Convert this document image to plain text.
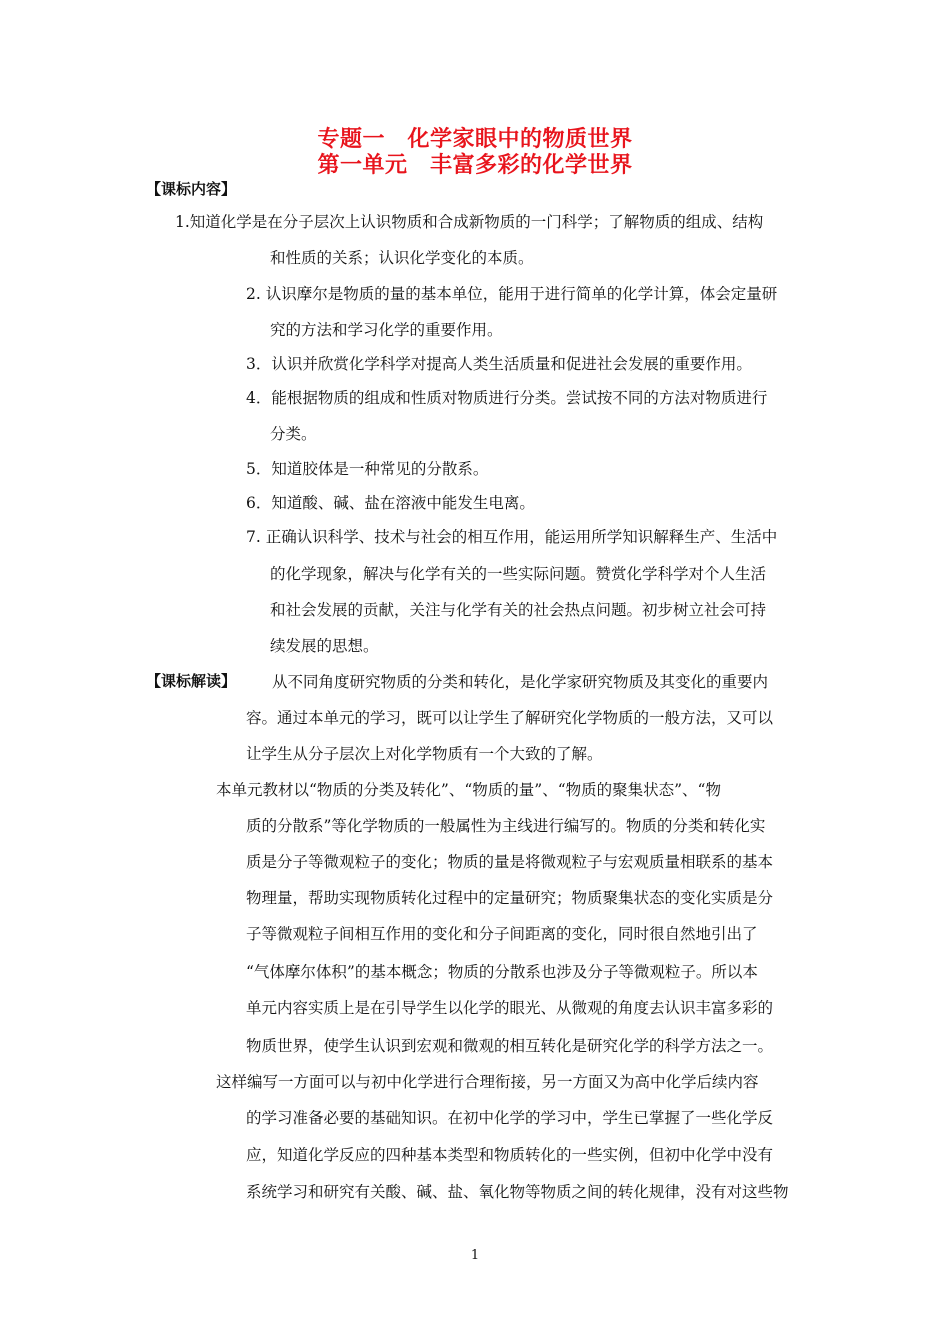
专题一　化学家眼中的物质世界
第一单元　丰富多彩的化学世界
【课标内容】
1.知道化学是在分子层次上认识物质和合成新物质的一门科学；了解物质的组成、结构
和性质的关系；认识化学变化的本质。
2. 认识摩尔是物质的量的基本单位，能用于进行简单的化学计算，体会定量研
究的方法和学习化学的重要作用。
3．认识并欣赏化学科学对提高人类生活质量和促进社会发展的重要作用。
4．能根据物质的组成和性质对物质进行分类。尝试按不同的方法对物质进行
分类。
5．知道胶体是一种常见的分散系。
6．知道酸、碱、盐在溶液中能发生电离。
7. 正确认识科学、技术与社会的相互作用，能运用所学知识解释生产、生活中
的化学现象，解决与化学有关的一些实际问题。赞赏化学科学对个人生活
和社会发展的贡献，关注与化学有关的社会热点问题。初步树立社会可持
续发展的思想。
【课标解读】 从不同角度研究物质的分类和转化，是化学家研究物质及其变化的重要内
容。通过本单元的学习，既可以让学生了解研究化学物质的一般方法，又可以
让学生从分子层次上对化学物质有一个大致的了解。
本单元教材以“物质的分类及转化”、“物质的量”、“物质的聚集状态”、“物
质的分散系”等化学物质的一般属性为主线进行编写的。物质的分类和转化实
质是分子等微观粒子的变化；物质的量是将微观粒子与宏观质量相联系的基本
物理量，帮助实现物质转化过程中的定量研究；物质聚集状态的变化实质是分
子等微观粒子间相互作用的变化和分子间距离的变化，同时很自然地引出了
“气体摩尔体积”的基本概念；物质的分散系也涉及分子等微观粒子。所以本
单元内容实质上是在引导学生以化学的眼光、从微观的角度去认识丰富多彩的
物质世界，使学生认识到宏观和微观的相互转化是研究化学的科学方法之一。
这样编写一方面可以与初中化学进行合理衔接，另一方面又为高中化学后续内容
的学习准备必要的基础知识。在初中化学的学习中，学生已掌握了一些化学反
应，知道化学反应的四种基本类型和物质转化的一些实例，但初中化学中没有
系统学习和研究有关酸、碱、盐、氧化物等物质之间的转化规律，没有对这些物
1
